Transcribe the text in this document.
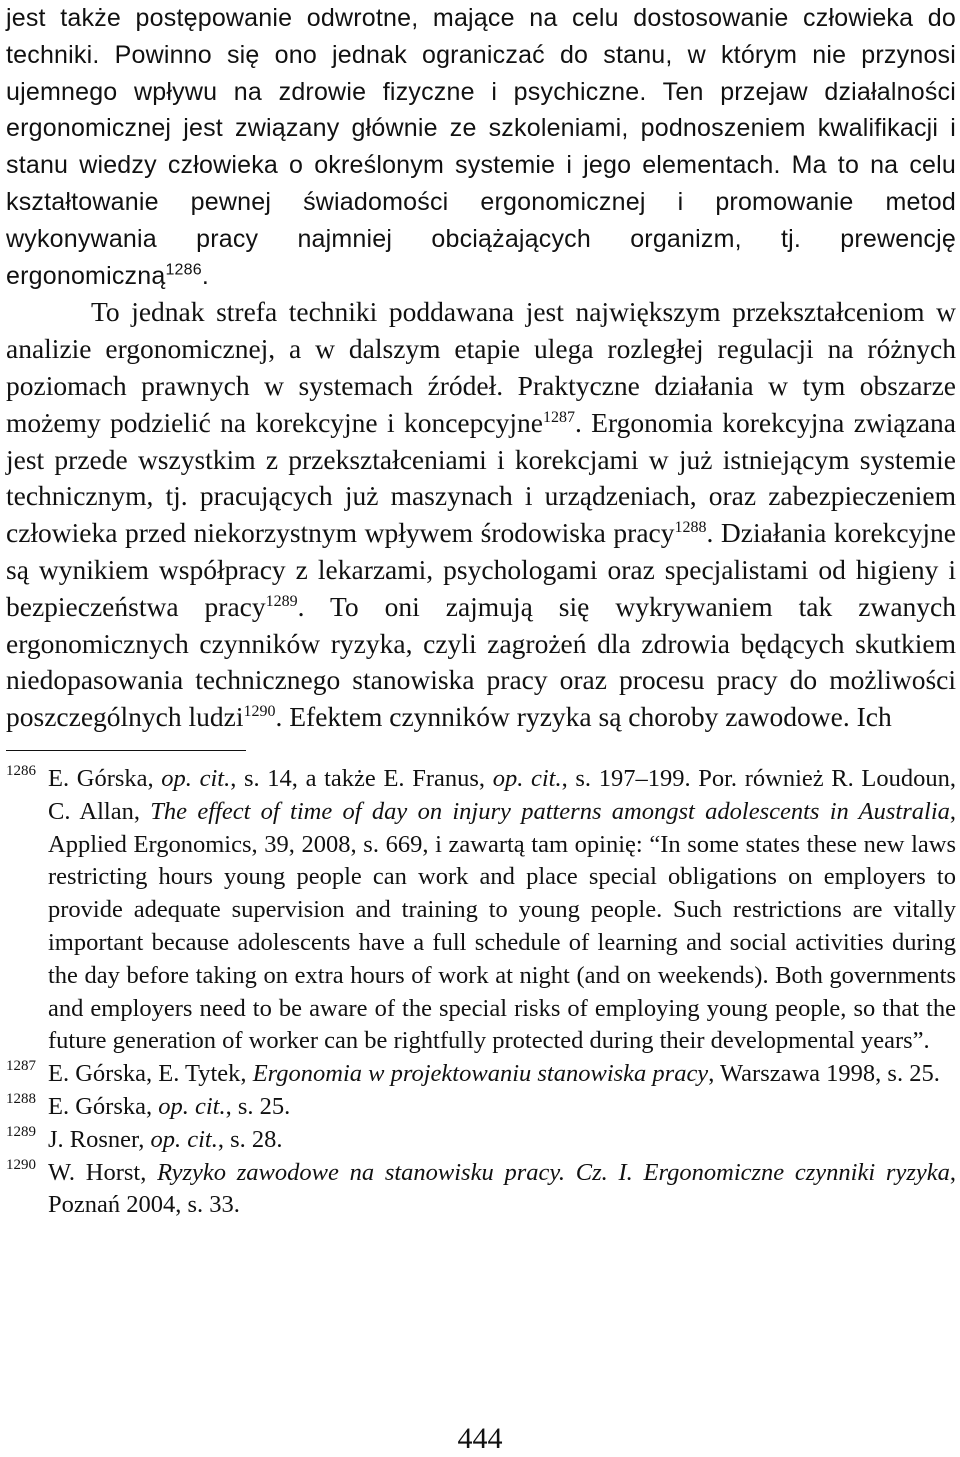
jest także postępowanie odwrotne, mające na celu dostosowanie człowieka do techniki. Powinno się ono jednak ograniczać do stanu, w którym nie przynosi ujemnego wpływu na zdrowie fizyczne i psychiczne. Ten przejaw działalności ergonomicznej jest związany głównie ze szkoleniami, podnoszeniem kwalifikacji i stanu wiedzy człowieka o określonym systemie i jego elementach. Ma to na celu kształtowanie pewnej świadomości ergonomicznej i promowanie metod wykonywania pracy najmniej obciążających organizm, tj. prewencję ergonomiczną$^{1286}$.

To jednak strefa techniki poddawana jest największym przekształceniom w analizie ergonomicznej, a w dalszym etapie ulega rozległej regulacji na różnych poziomach prawnych w systemach źródeł. Praktyczne działania w tym obszarze możemy podzielić na korekcyjne i koncepcyjne$^{1287}$. Ergonomia korekcyjna związana jest przede wszystkim z przekształceniami i korekcjami w już istniejącym systemie technicznym, tj. pracujących już maszynach i urządzeniach, oraz zabezpieczeniem człowieka przed niekorzystnym wpływem środowiska pracy$^{1288}$. Działania korekcyjne są wynikiem współpracy z lekarzami, psychologami oraz specjalistami od higieny i bezpieczeństwa pracy$^{1289}$. To oni zajmują się wykrywaniem tak zwanych ergonomicznych czynników ryzyka, czyli zagrożeń dla zdrowia będących skutkiem niedopasowania technicznego stanowiska pracy oraz procesu pracy do możliwości poszczególnych ludzi$^{1290}$. Efektem czynników ryzyka są choroby zawodowe. Ich

1286 E. Górska, op. cit., s. 14, a także E. Franus, op. cit., s. 197–199. Por. również R. Loudoun, C. Allan, The effect of time of day on injury patterns amongst adolescents in Australia, Applied Ergonomics, 39, 2008, s. 669, i zawartą tam opinię: “In some states these new laws restricting hours young people can work and place special obligations on employers to provide adequate supervision and training to young people. Such restrictions are vitally important because adolescents have a full schedule of learning and social activities during the day before taking on extra hours of work at night (and on weekends). Both governments and employers need to be aware of the special risks of employing young people, so that the future generation of worker can be rightfully protected during their developmental years”.

1287 E. Górska, E. Tytek, Ergonomia w projektowaniu stanowiska pracy, Warszawa 1998, s. 25.

1288 E. Górska, op. cit., s. 25.

1289 J. Rosner, op. cit., s. 28.

1290 W. Horst, Ryzyko zawodowe na stanowisku pracy. Cz. I. Ergonomiczne czynniki ryzyka, Poznań 2004, s. 33.

444
